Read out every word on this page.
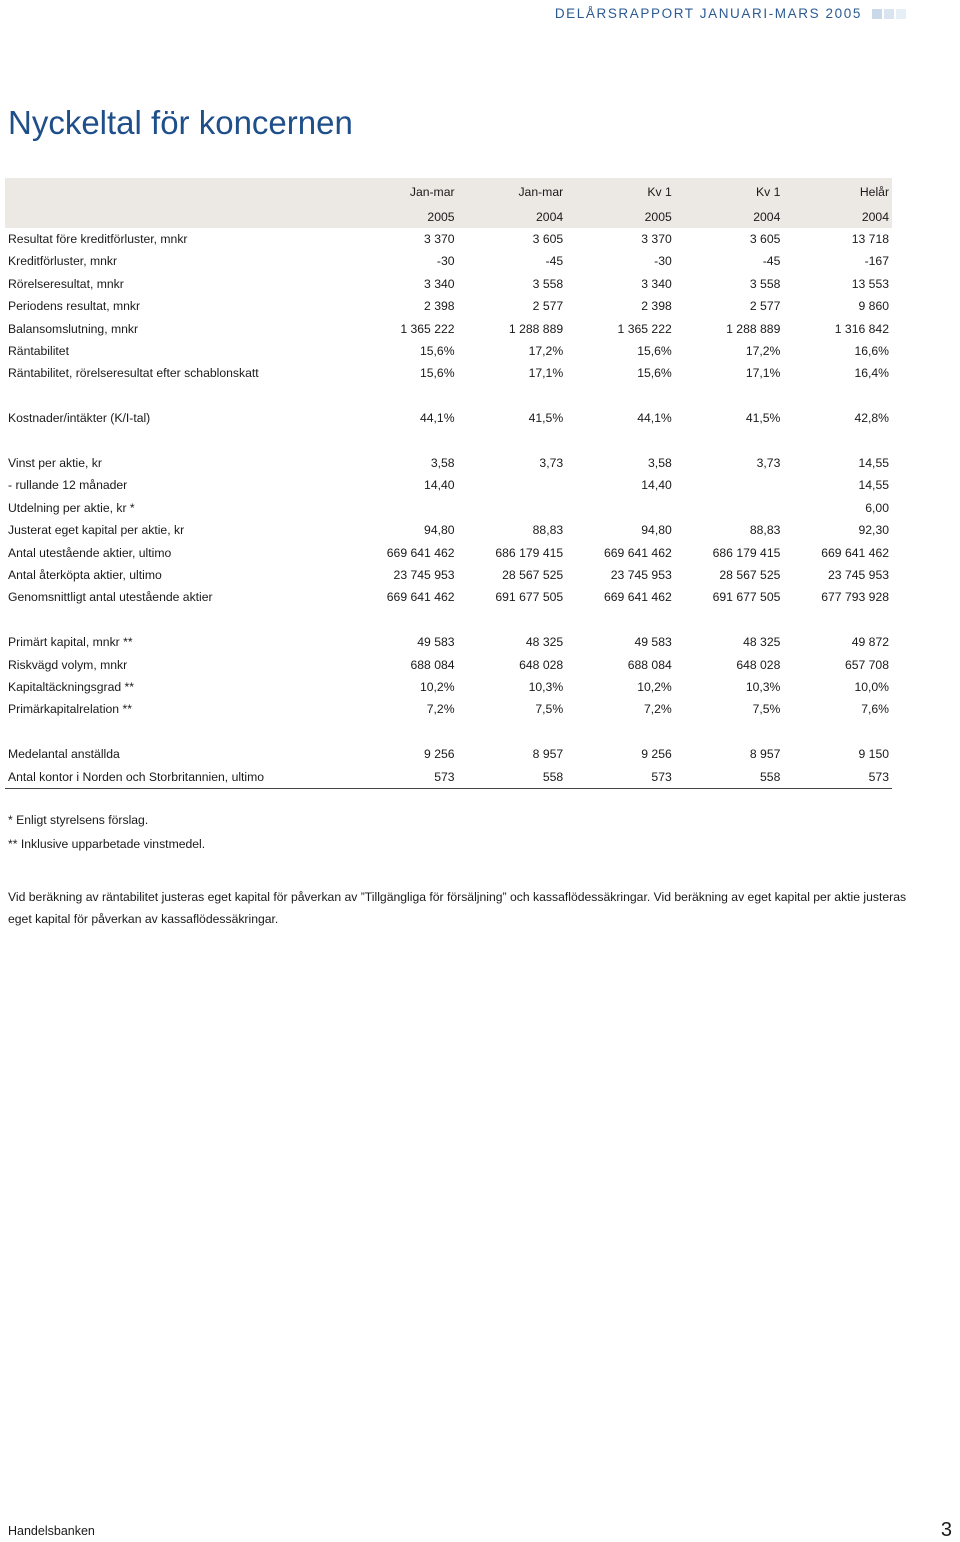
DELÅRSRAPPORT JANUARI-MARS 2005
Nyckeltal för koncernen
	Jan-mar	Jan-mar	Kv 1	Kv 1	Helår
	2005	2004	2005	2004	2004
Resultat före kreditförluster, mnkr	3 370	3 605	3 370	3 605	13 718
Kreditförluster, mnkr	-30	-45	-30	-45	-167
Rörelseresultat, mnkr	3 340	3 558	3 340	3 558	13 553
Periodens resultat, mnkr	2 398	2 577	2 398	2 577	9 860
Balansomslutning, mnkr	1 365 222	1 288 889	1 365 222	1 288 889	1 316 842
Räntabilitet	15,6%	17,2%	15,6%	17,2%	16,6%
Räntabilitet, rörelseresultat efter schablonskatt	15,6%	17,1%	15,6%	17,1%	16,4%

Kostnader/intäkter (K/I-tal)	44,1%	41,5%	44,1%	41,5%	42,8%

Vinst per aktie, kr	3,58	3,73	3,58	3,73	14,55
- rullande 12 månader	14,40		14,40		14,55
Utdelning per aktie, kr *					6,00
Justerat eget kapital per aktie, kr	94,80	88,83	94,80	88,83	92,30
Antal utestående aktier, ultimo	669 641 462	686 179 415	669 641 462	686 179 415	669 641 462
Antal återköpta aktier, ultimo	23 745 953	28 567 525	23 745 953	28 567 525	23 745 953
Genomsnittligt antal utestående aktier	669 641 462	691 677 505	669 641 462	691 677 505	677 793 928

Primärt kapital, mnkr **	49 583	48 325	49 583	48 325	49 872
Riskvägd volym, mnkr	688 084	648 028	688 084	648 028	657 708
Kapitaltäckningsgrad **	10,2%	10,3%	10,2%	10,3%	10,0%
Primärkapitalrelation **	7,2%	7,5%	7,2%	7,5%	7,6%

Medelantal anställda	9 256	8 957	9 256	8 957	9 150
Antal kontor i Norden och Storbritannien, ultimo	573	558	573	558	573
* Enligt styrelsens förslag.
** Inklusive upparbetade vinstmedel.
Vid beräkning av räntabilitet justeras eget kapital för påverkan av ”Tillgängliga för försäljning” och kassaflödessäkringar. Vid beräkning av eget kapital per aktie justeras eget kapital för påverkan av kassaflödessäkringar.
Handelsbanken	3
